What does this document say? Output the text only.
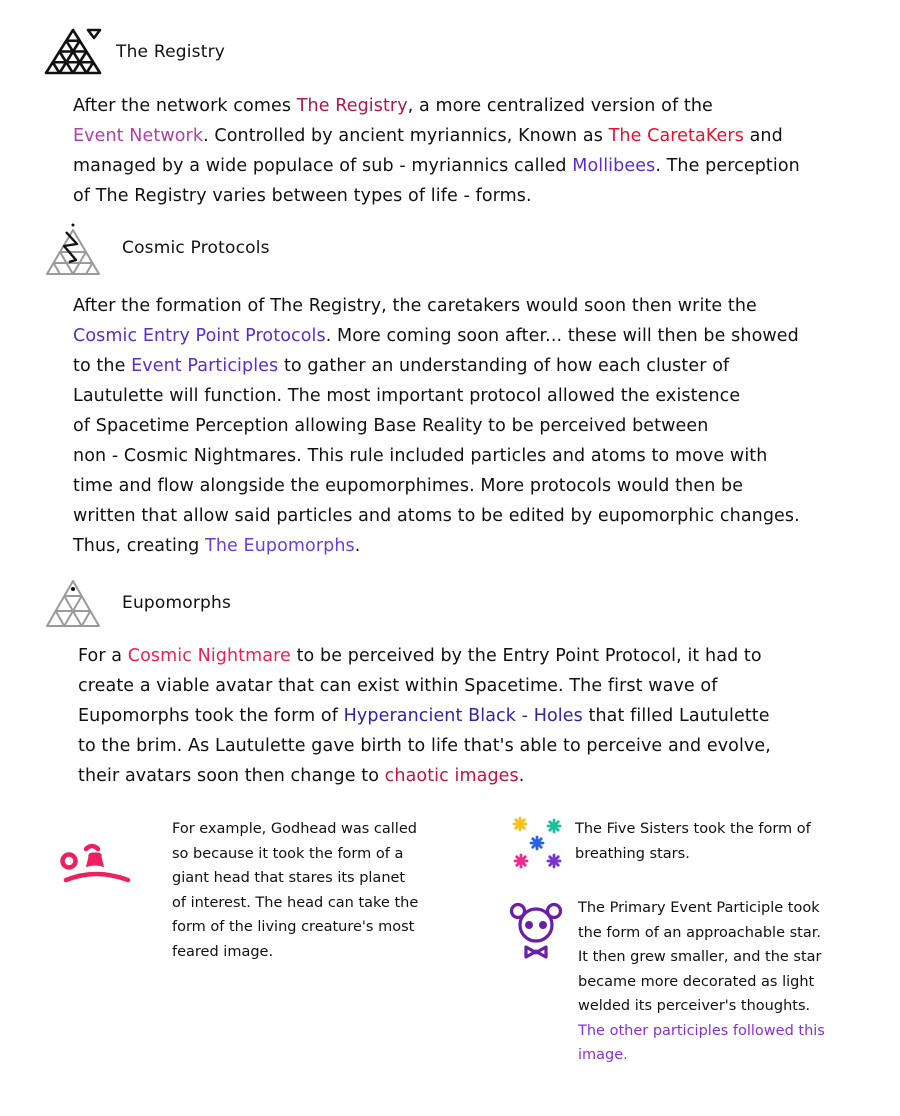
The Registry
After the network comes The Registry, a more centralized version of the
Event Network. Controlled by ancient myriannics, Known as The CaretaKers and
managed by a wide populace of sub - myriannics called Mollibees. The perception
of The Registry varies between types of life - forms.
Cosmic Protocols
After the formation of The Registry, the caretakers would soon then write the
Cosmic Entry Point Protocols. More coming soon after... these will then be showed
to the Event Participles to gather an understanding of how each cluster of
Lautulette will function. The most important protocol allowed the existence
of Spacetime Perception allowing Base Reality to be perceived between
non - Cosmic Nightmares. This rule included particles and atoms to move with
time and flow alongside the eupomorphimes. More protocols would then be
written that allow said particles and atoms to be edited by eupomorphic changes.
Thus, creating The Eupomorphs.
Eupomorphs
For a Cosmic Nightmare to be perceived by the Entry Point Protocol, it had to
create a viable avatar that can exist within Spacetime. The first wave of
Eupomorphs took the form of Hyperancient Black - Holes that filled Lautulette
to the brim. As Lautulette gave birth to life that's able to perceive and evolve,
their avatars soon then change to chaotic images.
For example, Godhead was called
so because it took the form of a
giant head that stares its planet
of interest. The head can take the
form of the living creature's most
feared image.
The Five Sisters took the form of
breathing stars.
The Primary Event Participle took
the form of an approachable star.
It then grew smaller, and the star
became more decorated as light
welded its perceiver's thoughts.
The other participles followed this
image.
